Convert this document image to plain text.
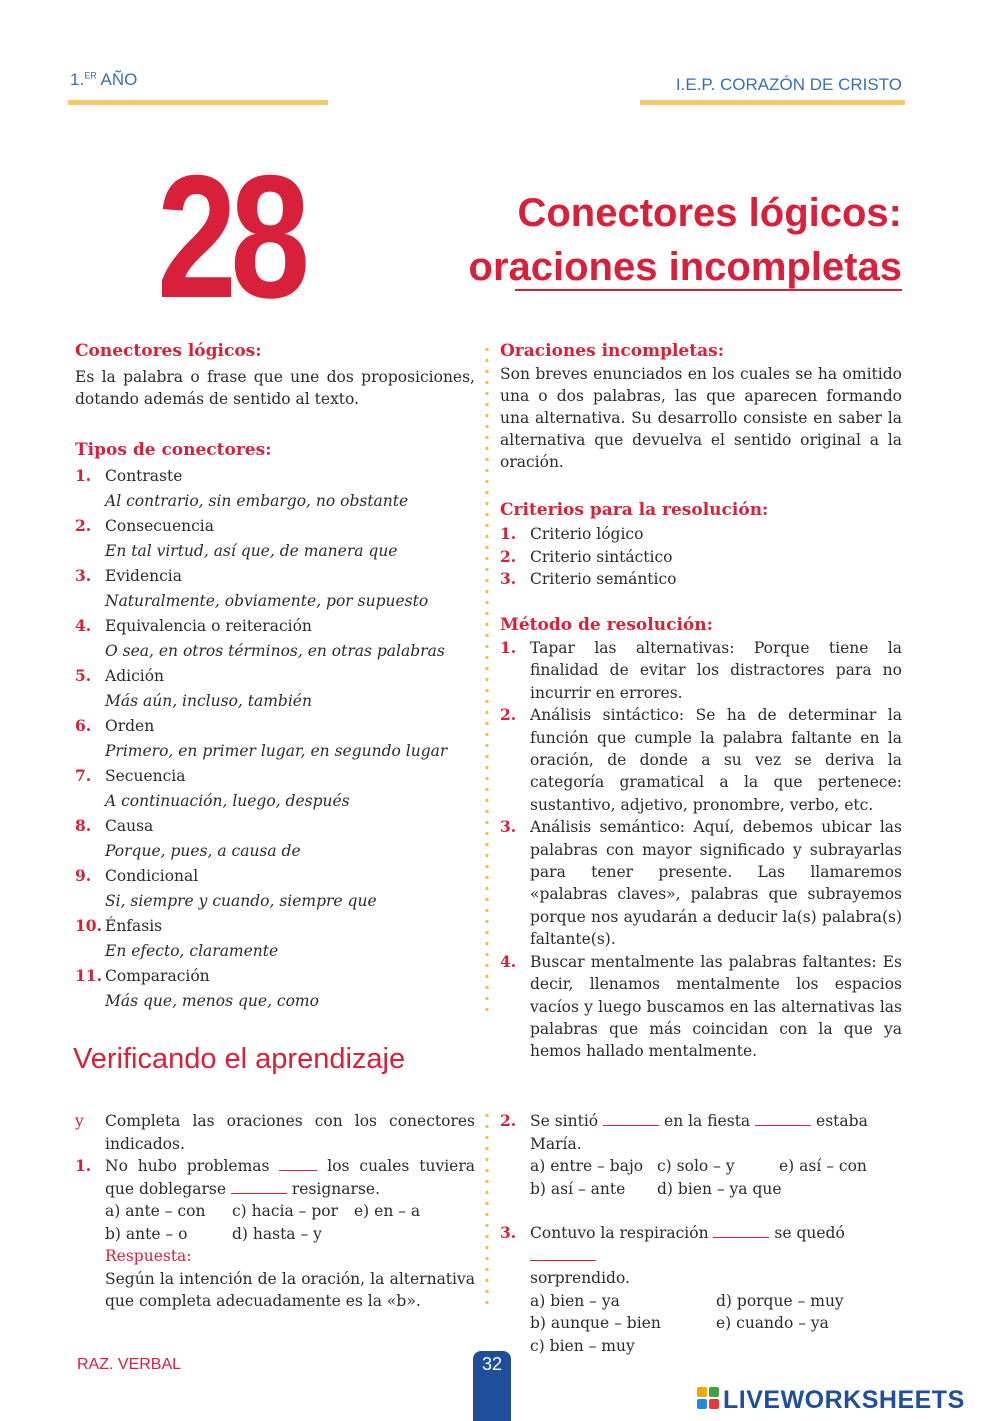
1.$^{ER}$ AÑO	I.E.P. CORAZÓN DE CRISTO
28	Conectores lógicos:
oraciones incompletas
Conectores lógicos:
Es la palabra o frase que une dos proposiciones, dotando además de sentido al texto.
Tipos de conectores:
1. Contraste
Al contrario, sin embargo, no obstante
2. Consecuencia
En tal virtud, así que, de manera que
3. Evidencia
Naturalmente, obviamente, por supuesto
4. Equivalencia o reiteración
O sea, en otros términos, en otras palabras
5. Adición
Más aún, incluso, también
6. Orden
Primero, en primer lugar, en segundo lugar
7. Secuencia
A continuación, luego, después
8. Causa
Porque, pues, a causa de
9. Condicional
Si, siempre y cuando, siempre que
10. Énfasis
En efecto, claramente
11. Comparación
Más que, menos que, como
Oraciones incompletas:
Son breves enunciados en los cuales se ha omitido una o dos palabras, las que aparecen formando una alternativa. Su desarrollo consiste en saber la alternativa que devuelva el sentido original a la oración.
Criterios para la resolución:
1. Criterio lógico
2. Criterio sintáctico
3. Criterio semántico
Método de resolución:
1. Tapar las alternativas: Porque tiene la finalidad de evitar los distractores para no incurrir en errores.
2. Análisis sintáctico: Se ha de determinar la función que cumple la palabra faltante en la oración, de donde a su vez se deriva la categoría gramatical a la que pertenece: sustantivo, adjetivo, pronombre, verbo, etc.
3. Análisis semántico: Aquí, debemos ubicar las palabras con mayor significado y subrayarlas para tener presente. Las llamaremos «palabras claves», palabras que subrayemos porque nos ayudarán a deducir la(s) palabra(s) faltante(s).
4. Buscar mentalmente las palabras faltantes: Es decir, llenamos mentalmente los espacios vacíos y luego buscamos en las alternativas las palabras que más coincidan con la que ya hemos hallado mentalmente.
Verificando el aprendizaje
y Completa las oraciones con los conectores indicados.
1. No hubo problemas	los cuales tuviera que doblegarse	resignarse.
a) ante – con c) hacia – por e) en – a
b) ante – o	d) hasta – y
Respuesta:
Según la intención de la oración, la alternativa que completa adecuadamente es la «b».
2. Se sintió	en la fiesta	estaba María.
a) entre – bajo c) solo – y	e) así – con
b) así – ante d) bien – ya que
3. Contuvo la respiración	se quedó
sorprendido.
a) bien – ya	d) porque – muy
b) aunque – bien	e) cuando – ya
c) bien – muy
RAZ. VERBAL	32
LIVEWORKSHEETS
